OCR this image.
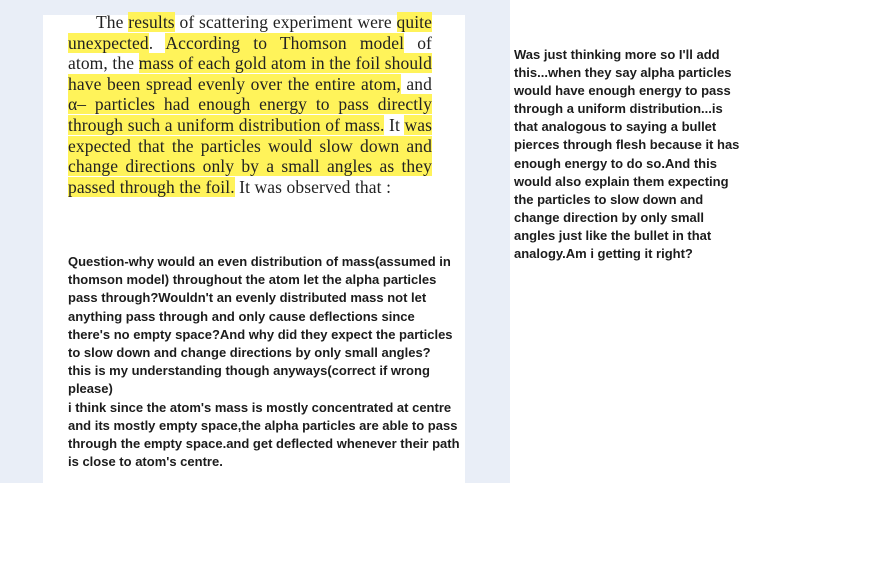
The results of scattering experiment were quite unexpected. According to Thomson model of atom, the mass of each gold atom in the foil should have been spread evenly over the entire atom, and α– particles had enough energy to pass directly through such a uniform distribution of mass. It was expected that the particles would slow down and change directions only by a small angles as they passed through the foil. It was observed that :

Question-why would an even distribution of mass(assumed in thomson model) throughout the atom let the alpha particles pass through?Wouldn't an evenly distributed mass not let anything pass through and only cause deflections since there's no empty space?And why did they expect the particles to slow down and change directions by only small angles?
this is my understanding though anyways(correct if wrong please)
i think since the atom's mass is mostly concentrated at centre and its mostly empty space,the alpha particles are able to pass through the empty space.and get deflected whenever their path is close to atom's centre.
Was just thinking more so I'll add this...when they say alpha particles would have enough energy to pass through a uniform distribution...is that analogous to saying a bullet pierces through flesh because it has enough energy to do so.And this would also explain them expecting the particles to slow down and change direction by only small angles just like the bullet in that analogy.Am i getting it right?
